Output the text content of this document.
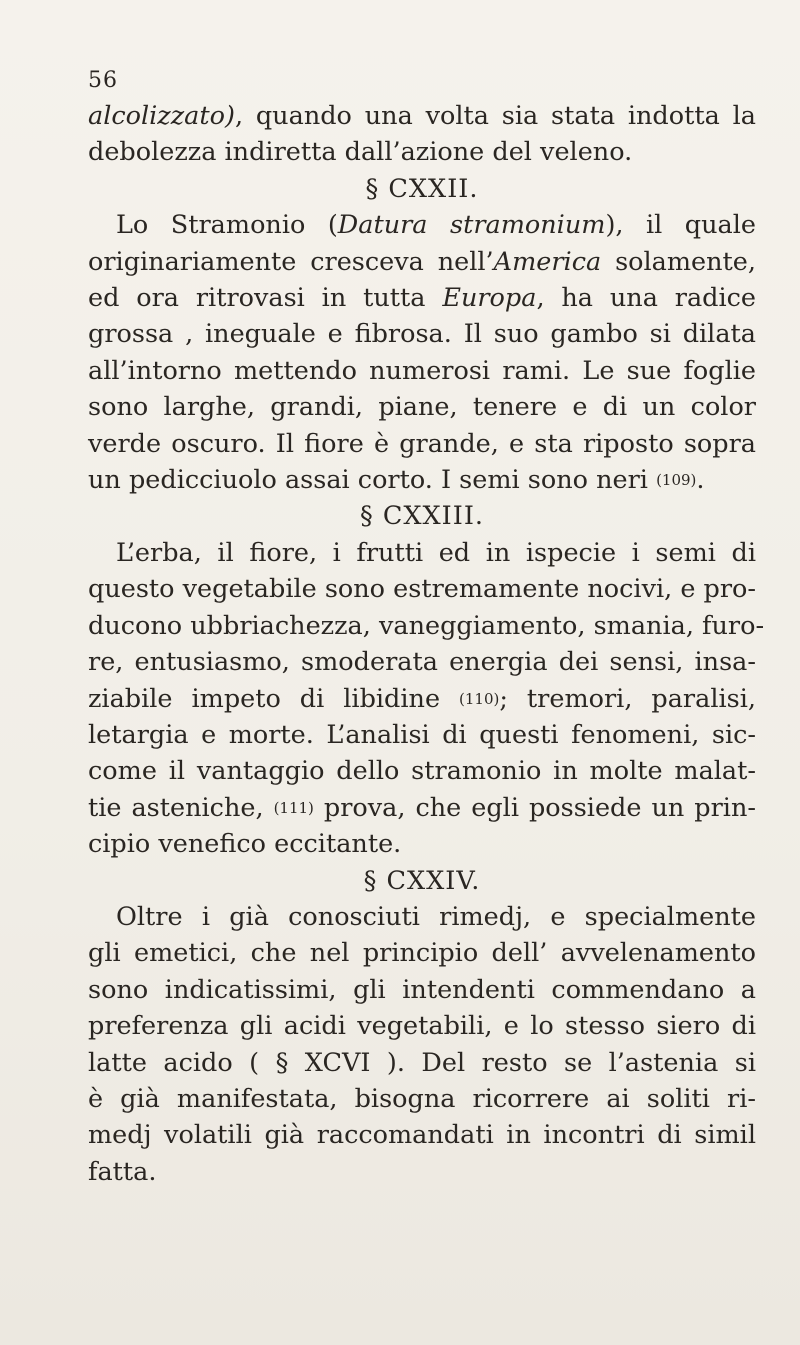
56
alcolizzato), quando una volta sia stata indotta la
debolezza indiretta dall’azione del veleno.
§ CXXII.
Lo Stramonio (Datura stramonium), il quale
originariamente cresceva nell’America solamente,
ed ora ritrovasi in tutta Europa, ha una radice
grossa , ineguale e fibrosa. Il suo gambo si dilata
all’intorno mettendo numerosi rami. Le sue foglie
sono larghe, grandi, piane, tenere e di un color
verde oscuro. Il fiore è grande, e sta riposto sopra
un pedicciuolo assai corto. I semi sono neri $^{(109)}$.
§ CXXIII.
L’erba, il fiore, i frutti ed in ispecie i semi di
questo vegetabile sono estremamente nocivi, e pro-
ducono ubbriachezza, vaneggiamento, smania, furo-
re, entusiasmo, smoderata energia dei sensi, insa-
ziabile impeto di libidine $^{(110)}$; tremori, paralisi,
letargia e morte. L’analisi di questi fenomeni, sic-
come il vantaggio dello stramonio in molte malat-
tie asteniche, $^{(111)}$ prova, che egli possiede un prin-
cipio venefico eccitante.
§ CXXIV.
Oltre i già conosciuti rimedj, e specialmente
gli emetici, che nel principio dell’ avvelenamento
sono indicatissimi, gli intendenti commendano a
preferenza gli acidi vegetabili, e lo stesso siero di
latte acido ( § XCVI ). Del resto se l’astenia si
è già manifestata, bisogna ricorrere ai soliti ri-
medj volatili già raccomandati in incontri di simil
fatta.
